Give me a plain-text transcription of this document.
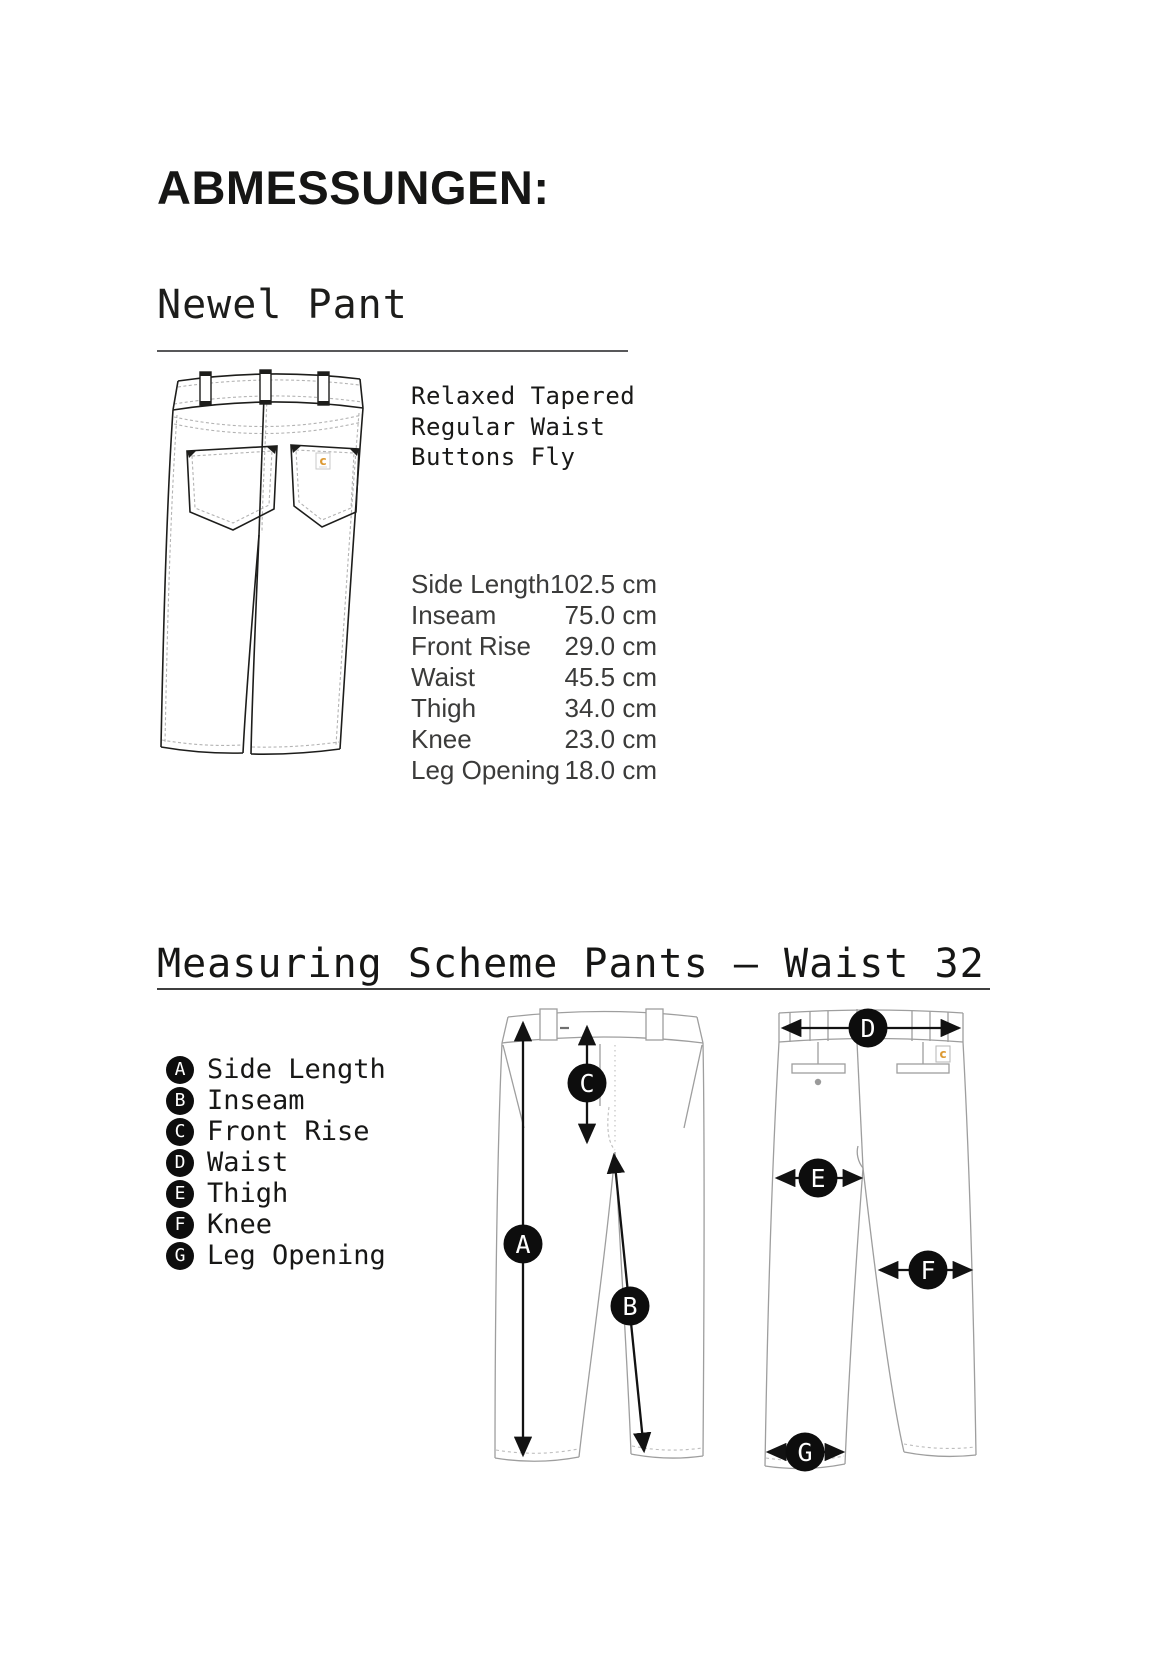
ABMESSUNGEN:
Newel Pant
c
Relaxed Tapered
Regular Waist
Buttons Fly
Side Length 102.5 cm
Inseam	75.0 cm
Front Rise 29.0 cm
Waist	45.5 cm
Thigh	34.0 cm
Knee	23.0 cm
Leg Opening 18.0 cm
Measuring Scheme Pants – Waist 32
A Side Length
B Inseam
C Front Rise
D Waist
E Thigh
F Knee
G Leg Opening
C
A
B
c
D
E
F
G
